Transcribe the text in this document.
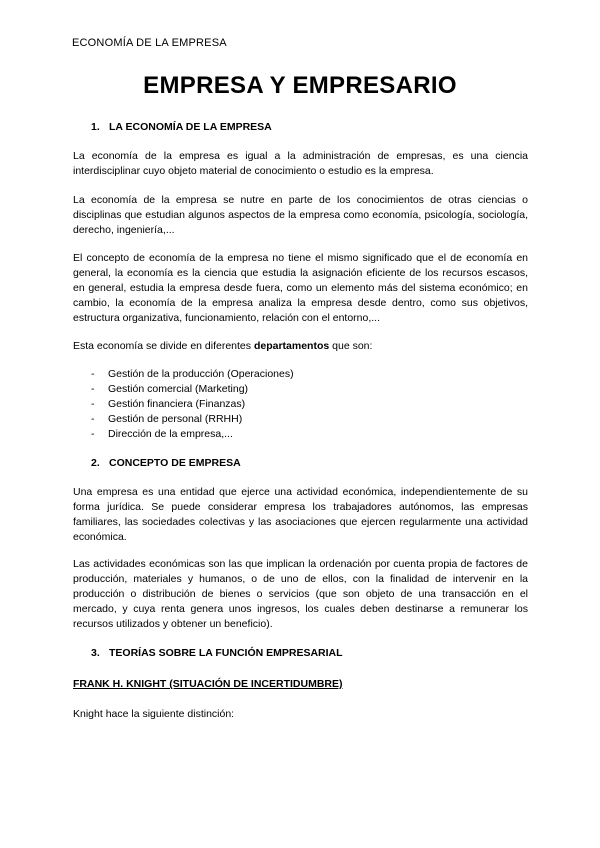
ECONOMÍA DE LA EMPRESA
EMPRESA Y EMPRESARIO
1. LA ECONOMÍA DE LA EMPRESA
La economía de la empresa es igual a la administración de empresas, es una ciencia interdisciplinar cuyo objeto material de conocimiento o estudio es la empresa.
La economía de la empresa se nutre en parte de los conocimientos de otras ciencias o disciplinas que estudian algunos aspectos de la empresa como economía, psicología, sociología, derecho, ingeniería,...
El concepto de economía de la empresa no tiene el mismo significado que el de economía en general, la economía es la ciencia que estudia la asignación eficiente de los recursos escasos, en general, estudia la empresa desde fuera, como un elemento más del sistema económico; en cambio, la economía de la empresa analiza la empresa desde dentro, como sus objetivos, estructura organizativa, funcionamiento, relación con el entorno,...
Esta economía se divide en diferentes departamentos que son:
- Gestión de la producción (Operaciones)
- Gestión comercial (Marketing)
- Gestión financiera (Finanzas)
- Gestión de personal (RRHH)
- Dirección de la empresa,...
2. CONCEPTO DE EMPRESA
Una empresa es una entidad que ejerce una actividad económica, independientemente de su forma jurídica. Se puede considerar empresa los trabajadores autónomos, las empresas familiares, las sociedades colectivas y las asociaciones que ejercen regularmente una actividad económica.
Las actividades económicas son las que implican la ordenación por cuenta propia de factores de producción, materiales y humanos, o de uno de ellos, con la finalidad de intervenir en la producción o distribución de bienes o servicios (que son objeto de una transacción en el mercado, y cuya renta genera unos ingresos, los cuales deben destinarse a remunerar los recursos utilizados y obtener un beneficio).
3. TEORÍAS SOBRE LA FUNCIÓN EMPRESARIAL
FRANK H. KNIGHT (SITUACIÓN DE INCERTIDUMBRE)
Knight hace la siguiente distinción:
